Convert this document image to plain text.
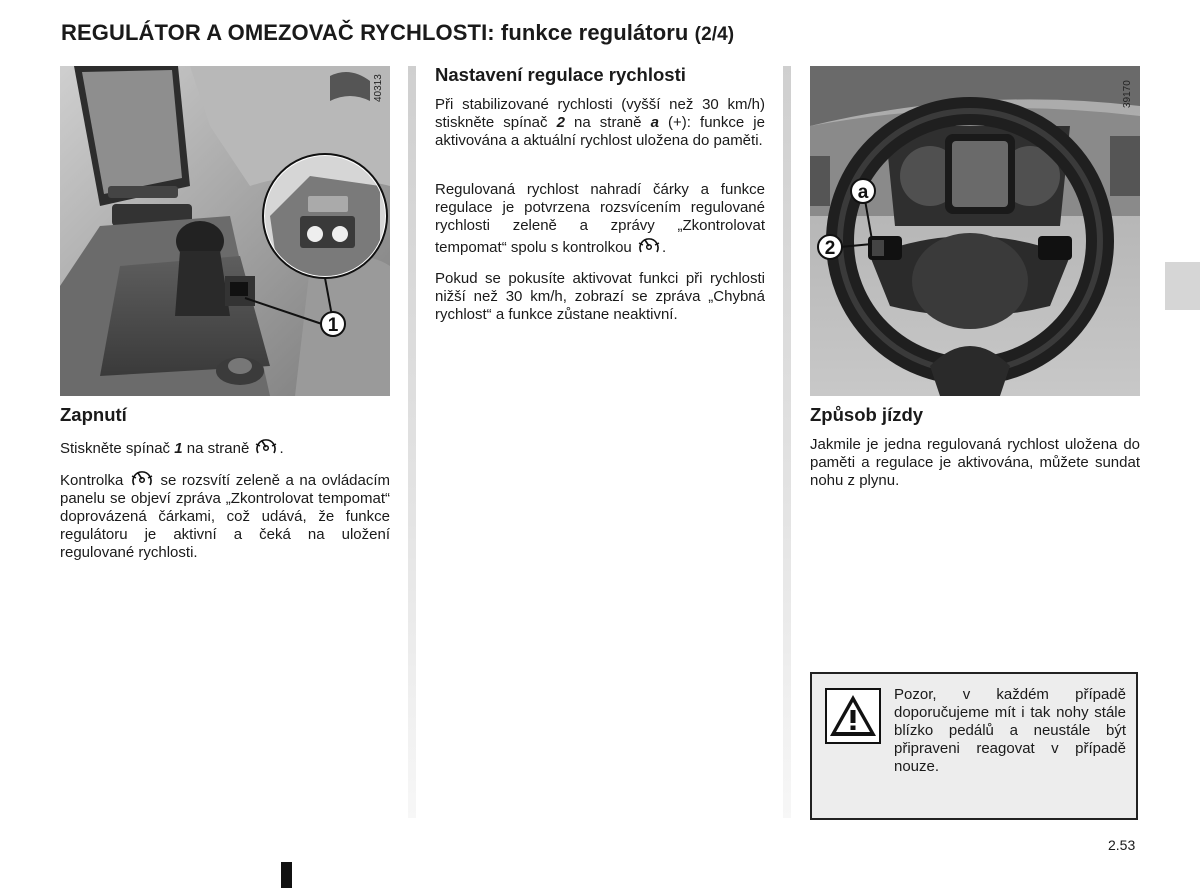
REGULÁTOR A OMEZOVAČ RYCHLOSTI: funkce regulátoru (2/4)
1
40313
a
2
39170
Zapnutí

Stiskněte spínač 1 na straně .

Kontrolka  se rozsvítí zeleně a na ovládacím panelu se objeví zpráva „Zkontrolovat tempomat“ doprovázená čárkami, což udává, že funkce regulátoru je aktivní a čeká na uložení regulované rychlosti.

Nastavení regulace rychlosti

Při stabilizované rychlosti (vyšší než 30 km/h) stiskněte spínač 2 na straně a (+): funkce je aktivována a aktuální rychlost uložena do paměti.

Regulovaná rychlost nahradí čárky a funkce regulace je potvrzena rozsvícením regulované rychlosti zeleně a zprávy „Zkontrolovat tempomat“ spolu s kontrolkou .

Pokud se pokusíte aktivovat funkci při rychlosti nižší než 30 km/h, zobrazí se zpráva „Chybná rychlost“ a funkce zůstane neaktivní.

Způsob jízdy

Jakmile je jedna regulovaná rychlost uložena do paměti a regulace je aktivována, můžete sundat nohu z plynu.

Pozor, v každém případě doporučujeme mít i tak nohy stále blízko pedálů a neustále být připraveni reagovat v případě nouze.

2.53
